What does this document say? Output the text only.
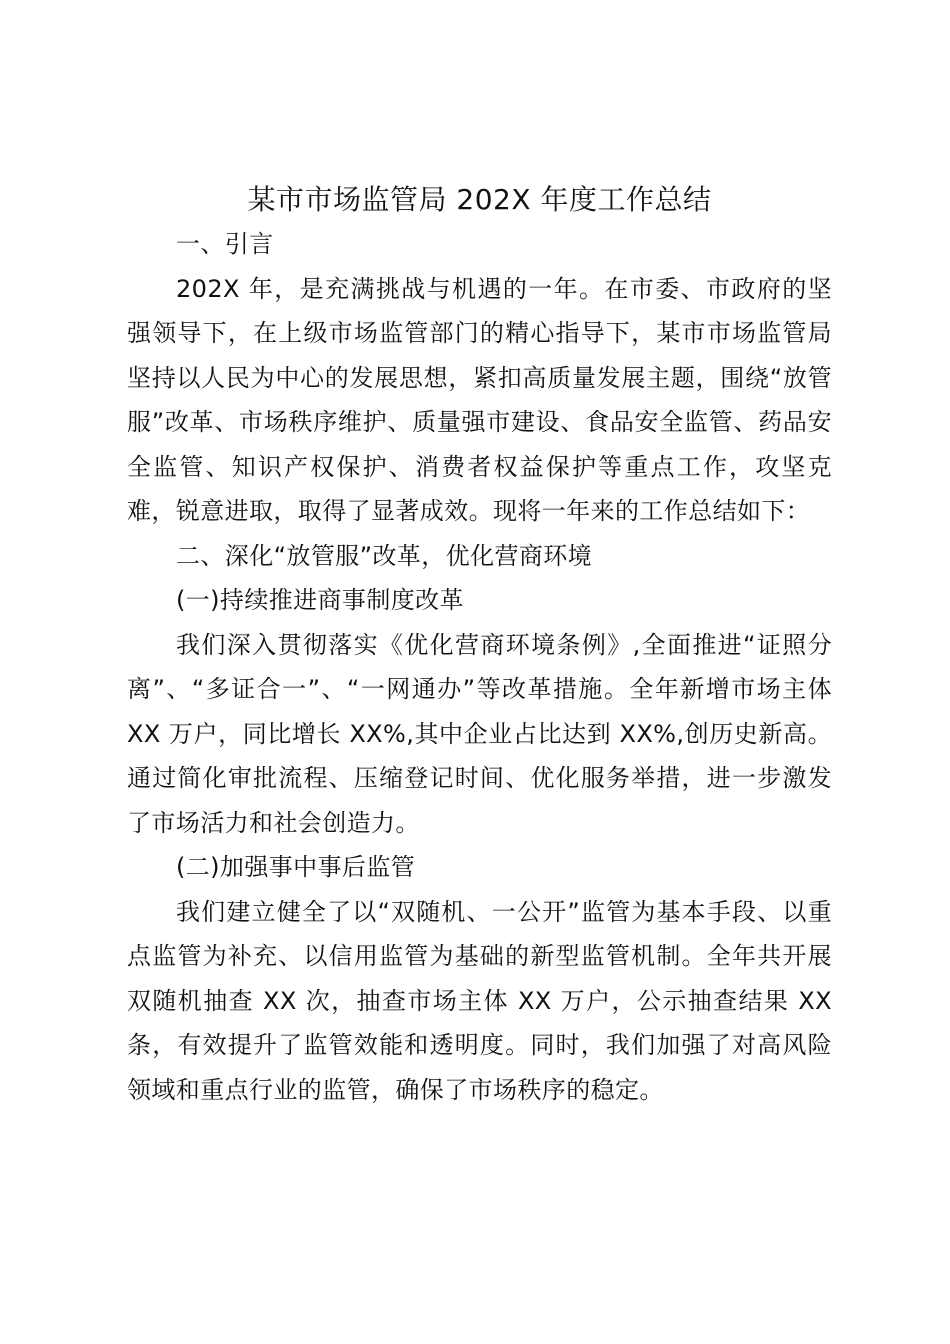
某市市场监管局 202X 年度工作总结

一、引言

202X 年，是充满挑战与机遇的一年。在市委、市政府的坚强领导下，在上级市场监管部门的精心指导下，某市市场监管局坚持以人民为中心的发展思想，紧扣高质量发展主题，围绕“放管服”改革、市场秩序维护、质量强市建设、食品安全监管、药品安全监管、知识产权保护、消费者权益保护等重点工作，攻坚克难，锐意进取，取得了显著成效。现将一年来的工作总结如下：

二、深化“放管服”改革，优化营商环境

(一)持续推进商事制度改革

我们深入贯彻落实《优化营商环境条例》,全面推进“证照分离”、“多证合一”、“一网通办”等改革措施。全年新增市场主体 XX 万户，同比增长 XX%,其中企业占比达到 XX%,创历史新高。通过简化审批流程、压缩登记时间、优化服务举措，进一步激发了市场活力和社会创造力。

(二)加强事中事后监管

我们建立健全了以“双随机、一公开”监管为基本手段、以重点监管为补充、以信用监管为基础的新型监管机制。全年共开展双随机抽查 XX 次，抽查市场主体 XX 万户，公示抽查结果 XX 条，有效提升了监管效能和透明度。同时，我们加强了对高风险领域和重点行业的监管，确保了市场秩序的稳定。
